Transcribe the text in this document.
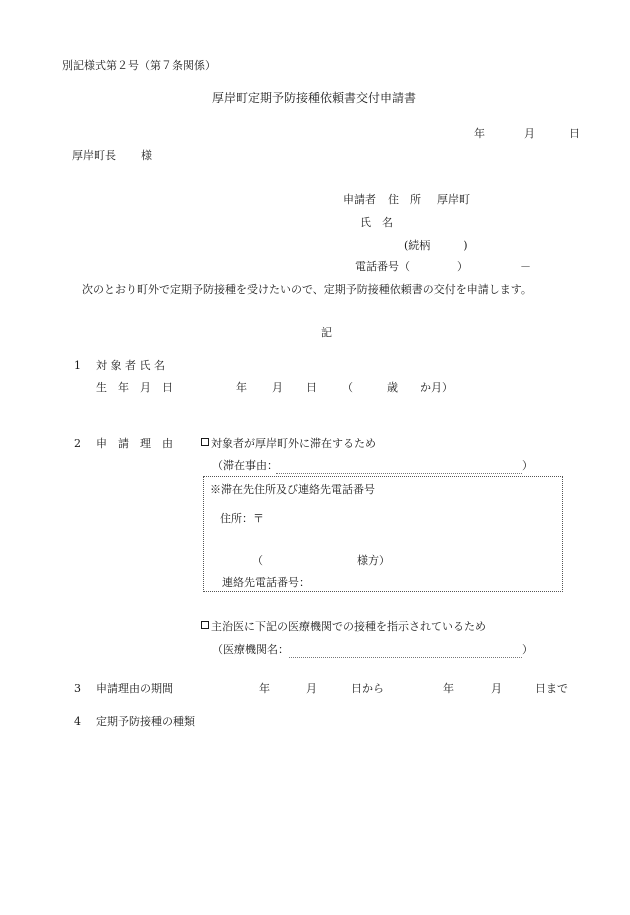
別記様式第２号（第７条関係）
厚岸町定期予防接種依頼書交付申請書
年	月	日
厚岸町長 様
申請者 住　所 厚岸町
氏　名
(続柄　　　)
電話番号（	）	－
次のとおり町外で定期予防接種を受けたいので、定期予防接種依頼書の交付を申請します。
記
1 対 象 者 氏 名
生　年　月　日	年 月 日 （	歳 か月）
2 申　請　理　由	対象者が厚岸町外に滞在するため
（滞在事由：	）
※滞在先住所及び連絡先電話番号
住所：〒
（	様方）
連絡先電話番号：
主治医に下記の医療機関での接種を指示されているため
（医療機関名：	）
3 申請理由の期間	年	月	日から	年	月	日まで
4 定期予防接種の種類
